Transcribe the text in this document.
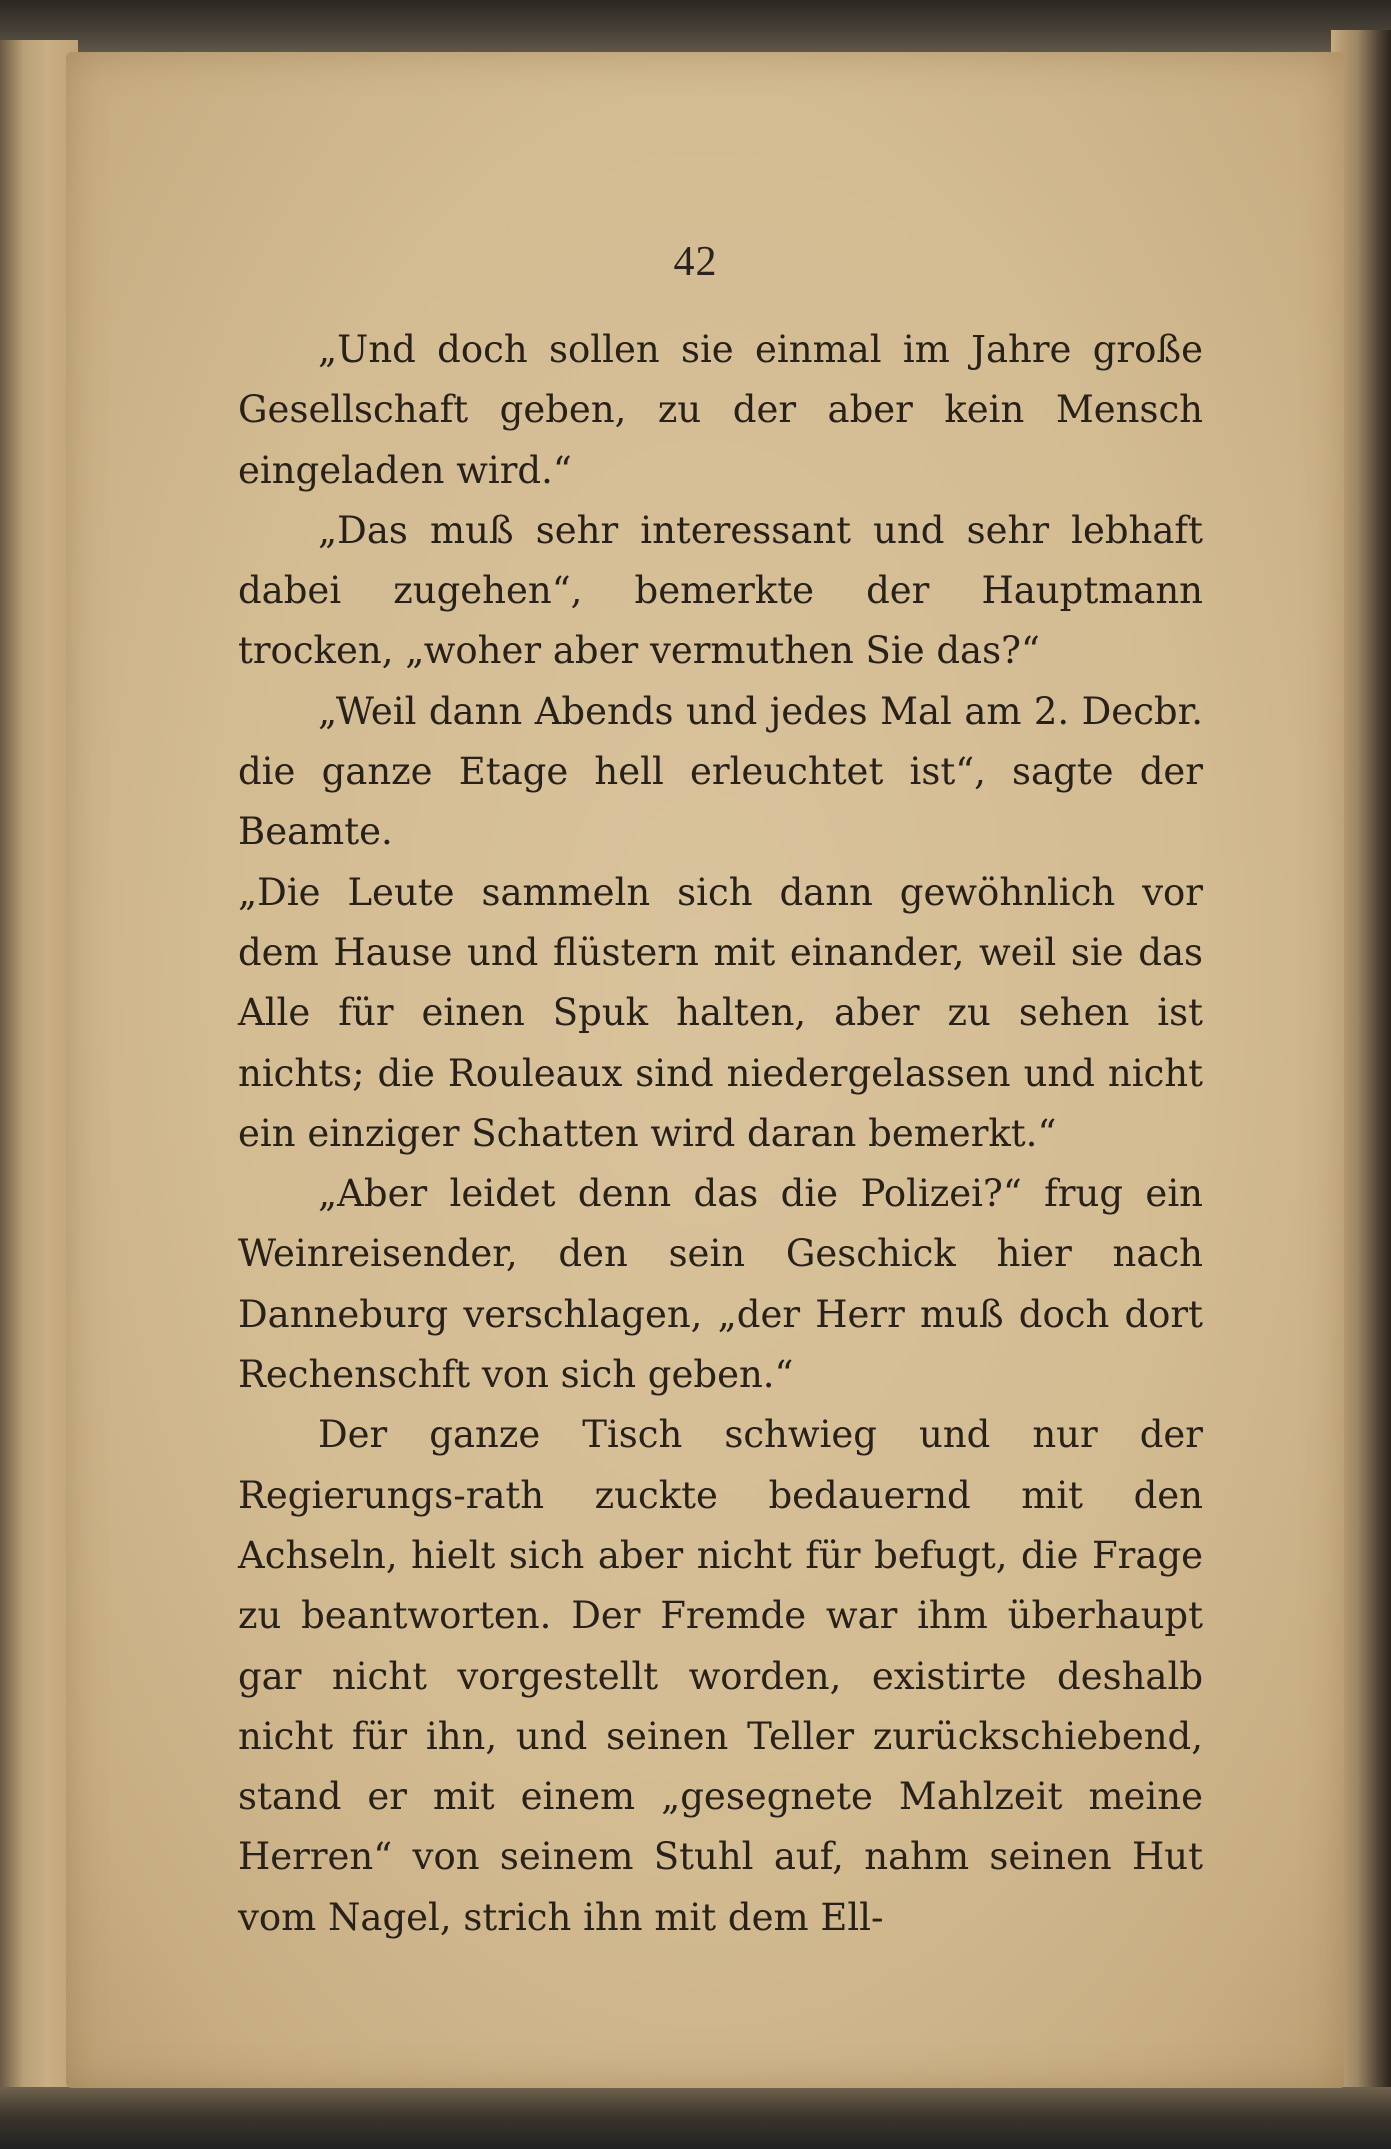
42

„Und doch sollen sie einmal im Jahre große Gesellschaft geben, zu der aber kein Mensch eingeladen wird.“

„Das muß sehr interessant und sehr lebhaft dabei zugehen“, bemerkte der Hauptmann trocken, „woher aber vermuthen Sie das?“

„Weil dann Abends und jedes Mal am 2. Decbr. die ganze Etage hell erleuchtet ist“, sagte der Beamte.

„Die Leute sammeln sich dann gewöhnlich vor dem Hause und flüstern mit einander, weil sie das Alle für einen Spuk halten, aber zu sehen ist nichts; die Rouleaux sind niedergelassen und nicht ein einziger Schatten wird daran bemerkt.“

„Aber leidet denn das die Polizei?“ frug ein Weinreisender, den sein Geschick hier nach Danneburg verschlagen, „der Herr muß doch dort Rechenschft von sich geben.“

Der ganze Tisch schwieg und nur der Regierungs-rath zuckte bedauernd mit den Achseln, hielt sich aber nicht für befugt, die Frage zu beantworten. Der Fremde war ihm überhaupt gar nicht vorgestellt worden, existirte deshalb nicht für ihn, und seinen Teller zurückschiebend, stand er mit einem „gesegnete Mahlzeit meine Herren“ von seinem Stuhl auf, nahm seinen Hut vom Nagel, strich ihn mit dem Ell-
